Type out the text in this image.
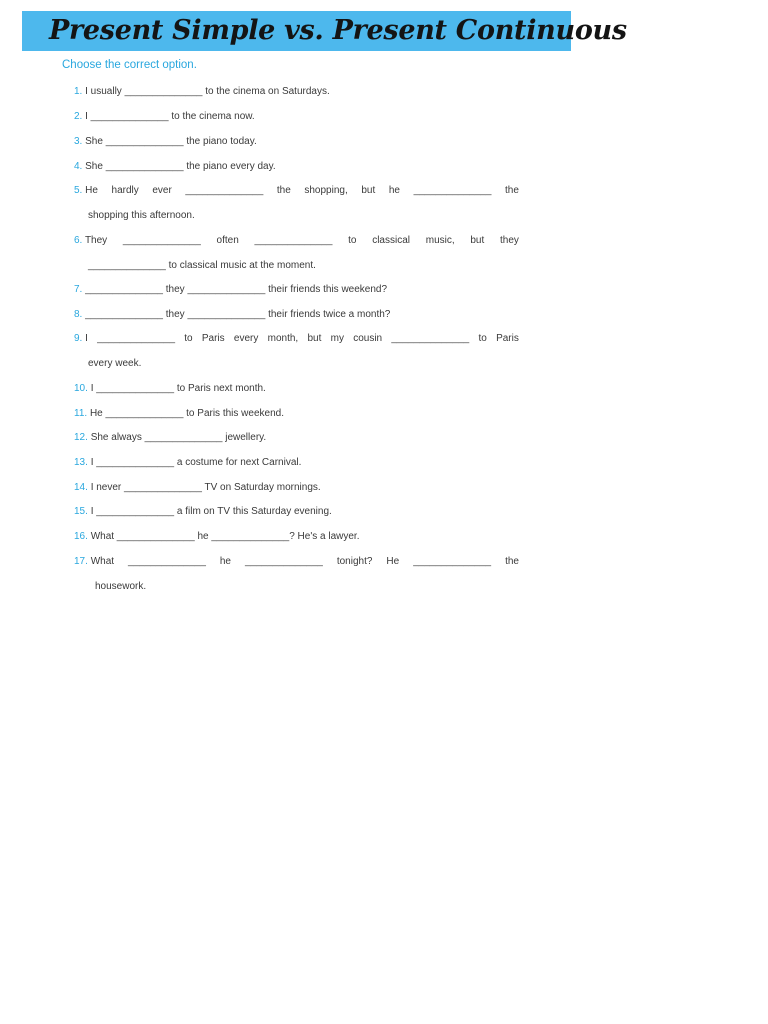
Present Simple vs. Present Continuous
Choose the correct option.
1. I usually ______________ to the cinema on Saturdays.
2. I ______________ to the cinema now.
3. She ______________ the piano today.
4. She ______________ the piano every day.
5. He hardly ever ______________ the shopping, but he ______________ the
shopping this afternoon.
6. They ______________ often ______________ to classical music, but they
______________ to classical music at the moment.
7. ______________ they ______________ their friends this weekend?
8. ______________ they ______________ their friends twice a month?
9. I ______________ to Paris every month, but my cousin ______________ to Paris
every week.
10. I ______________ to Paris next month.
11. He ______________ to Paris this weekend.
12. She always ______________ jewellery.
13. I ______________ a costume for next Carnival.
14. I never ______________ TV on Saturday mornings.
15. I ______________ a film on TV this Saturday evening.
16. What ______________ he ______________? He's a lawyer.
17. What ______________ he ______________ tonight? He ______________ the
housework.
